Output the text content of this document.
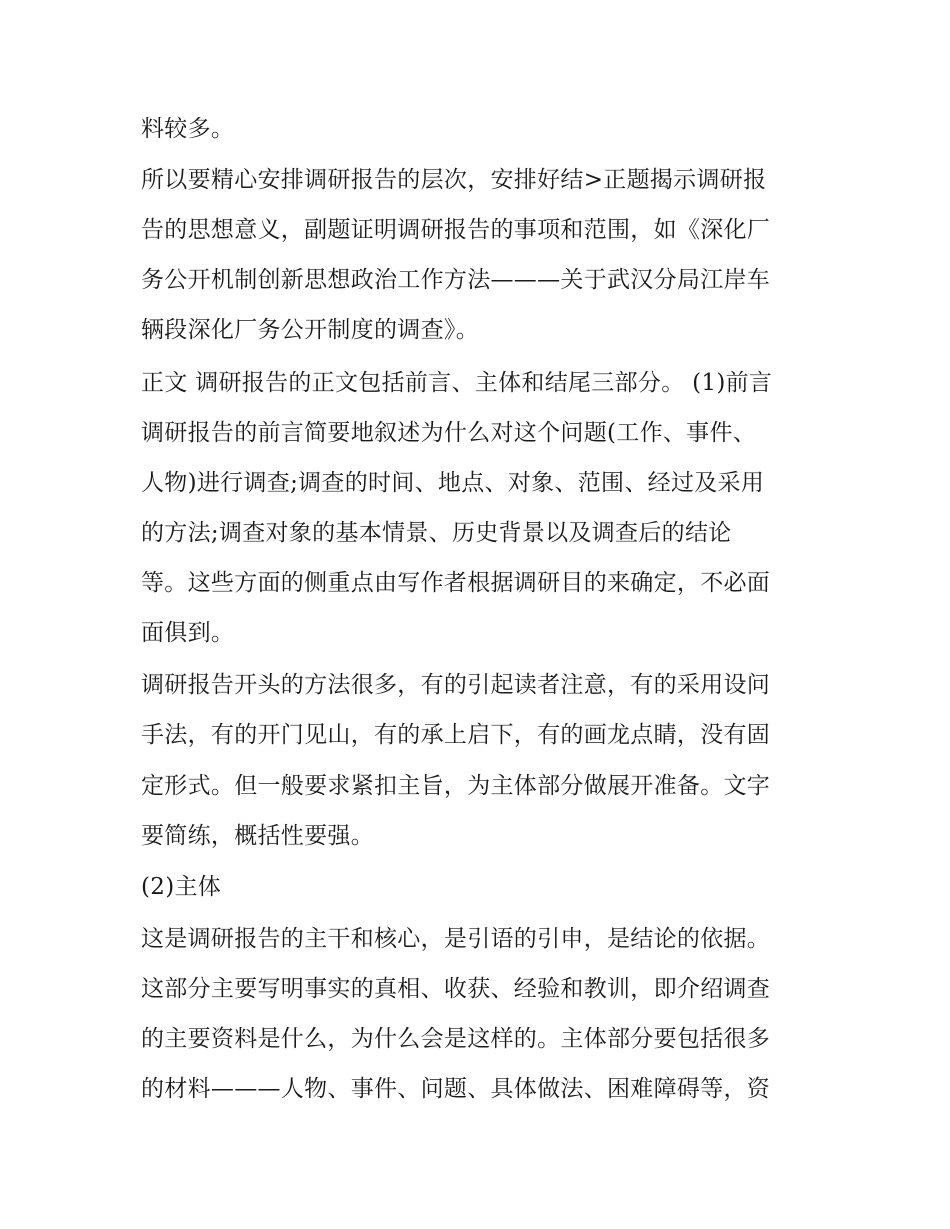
料较多。
所以要精心安排调研报告的层次，安排好结>正题揭示调研报
告的思想意义，副题证明调研报告的事项和范围，如《深化厂
务公开机制创新思想政治工作方法———关于武汉分局江岸车
辆段深化厂务公开制度的调查》。
正文 调研报告的正文包括前言、主体和结尾三部分。 (1)前言
调研报告的前言简要地叙述为什么对这个问题(工作、事件、
人物)进行调查;调查的时间、地点、对象、范围、经过及采用
的方法;调查对象的基本情景、历史背景以及调查后的结论
等。这些方面的侧重点由写作者根据调研目的来确定，不必面
面俱到。
调研报告开头的方法很多，有的引起读者注意，有的采用设问
手法，有的开门见山，有的承上启下，有的画龙点睛，没有固
定形式。但一般要求紧扣主旨，为主体部分做展开准备。文字
要简练，概括性要强。
(2)主体
这是调研报告的主干和核心，是引语的引申，是结论的依据。
这部分主要写明事实的真相、收获、经验和教训，即介绍调查
的主要资料是什么，为什么会是这样的。主体部分要包括很多
的材料———人物、事件、问题、具体做法、困难障碍等，资
